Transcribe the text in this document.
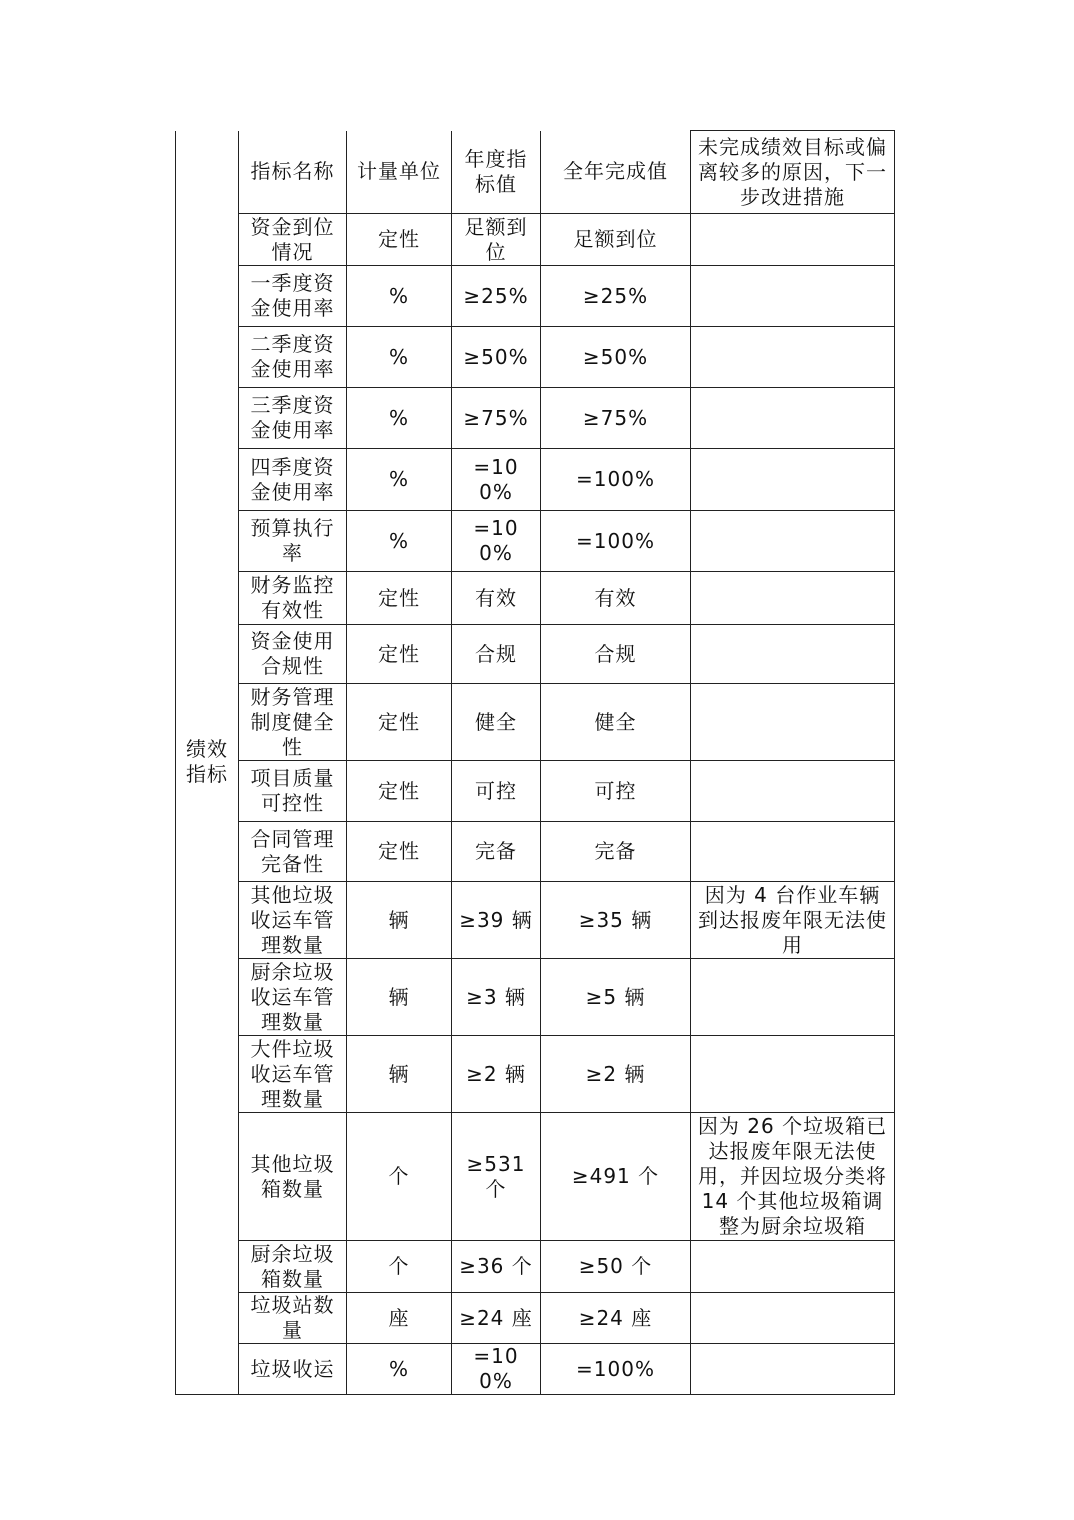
绩效指标	指标名称	计量单位	年度指标值	全年完成值	未完成绩效目标或偏离较多的原因，下一步改进措施
	资金到位情况	定性	足额到位	足额到位	
	一季度资金使用率	%	≥25%	≥25%	
	二季度资金使用率	%	≥50%	≥50%	
	三季度资金使用率	%	≥75%	≥75%	
	四季度资金使用率	%	=100%	=100%	
	预算执行率	%	=100%	=100%	
	财务监控有效性	定性	有效	有效	
	资金使用合规性	定性	合规	合规	
	财务管理制度健全性	定性	健全	健全	
	项目质量可控性	定性	可控	可控	
	合同管理完备性	定性	完备	完备	
	其他垃圾收运车管理数量	辆	≥39 辆	≥35 辆	因为 4 台作业车辆到达报废年限无法使用
	厨余垃圾收运车管理数量	辆	≥3 辆	≥5 辆	
	大件垃圾收运车管理数量	辆	≥2 辆	≥2 辆	
	其他垃圾箱数量	个	≥531 个	≥491 个	因为 26 个垃圾箱已达报废年限无法使用，并因垃圾分类将 14 个其他垃圾箱调整为厨余垃圾箱
	厨余垃圾箱数量	个	≥36 个	≥50 个	
	垃圾站数量	座	≥24 座	≥24 座	
	垃圾收运	%	=100%	=100%	
